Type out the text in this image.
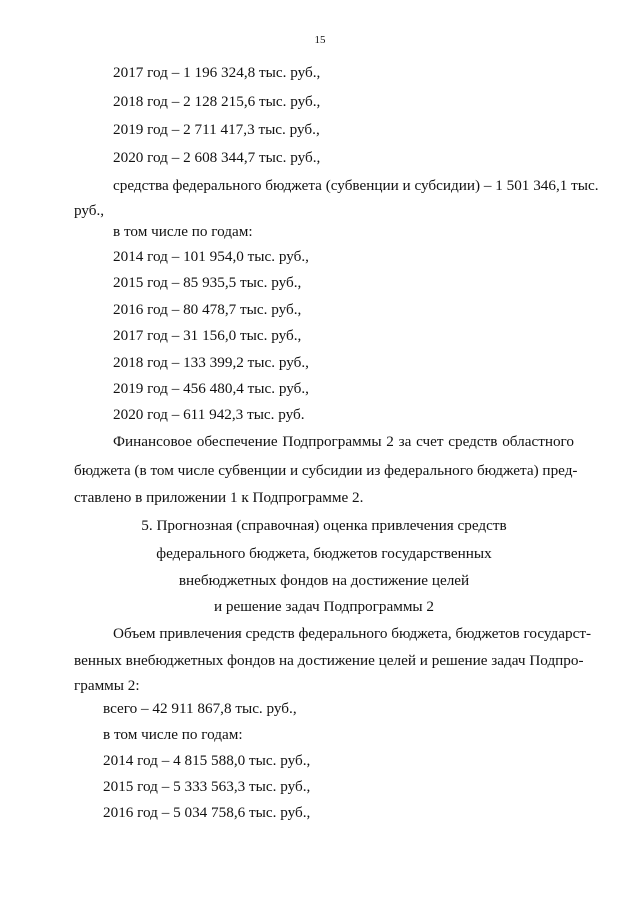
15
2017 год – 1 196 324,8 тыс. руб.,
2018 год – 2 128 215,6 тыс. руб.,
2019 год – 2 711 417,3 тыс. руб.,
2020 год – 2 608 344,7 тыс. руб.,
средства федерального бюджета (субвенции и субсидии) – 1 501 346,1 тыс.
руб.,
в том числе по годам:
2014 год – 101 954,0 тыс. руб.,
2015 год – 85 935,5 тыс. руб.,
2016 год – 80 478,7 тыс. руб.,
2017 год – 31 156,0 тыс. руб.,
2018 год – 133 399,2 тыс. руб.,
2019 год – 456 480,4 тыс. руб.,
2020 год – 611 942,3 тыс. руб.
Финансовое обеспечение Подпрограммы 2 за счет средств областного
бюджета (в том числе субвенции и субсидии из федерального бюджета) пред-
ставлено в приложении 1 к Подпрограмме 2.
5. Прогнозная (справочная) оценка привлечения средств
федерального бюджета, бюджетов государственных
внебюджетных фондов на достижение целей
и решение задач Подпрограммы 2
Объем привлечения средств федерального бюджета, бюджетов государст-
венных внебюджетных фондов на достижение целей и решение задач Подпро-
граммы 2:
всего – 42 911 867,8 тыс. руб.,
в том числе по годам:
2014 год – 4 815 588,0 тыс. руб.,
2015 год – 5 333 563,3 тыс. руб.,
2016 год – 5 034 758,6 тыс. руб.,
